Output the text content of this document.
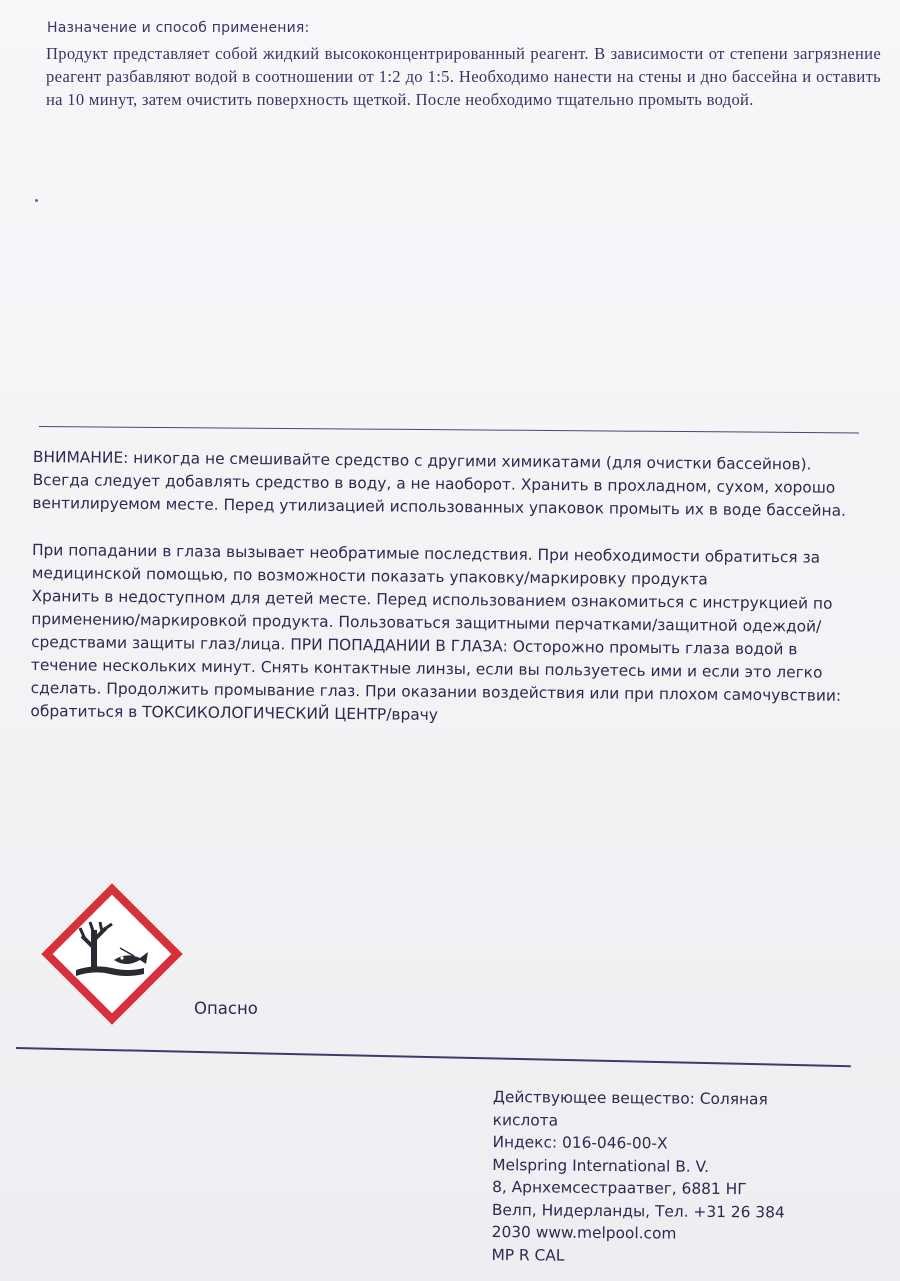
Назначение и способ применения:
Продукт представляет собой жидкий высококонцентрированный реагент. В зависимости от степени загрязнение реагент разбавляют водой в соотношении от 1:2 до 1:5. Необходимо нанести на стены и дно бассейна и оставить на 10 минут, затем очистить поверхность щеткой. После необходимо тщательно промыть водой.

ВНИМАНИЕ: никогда не смешивайте средство с другими химикатами (для очистки бассейнов). Всегда следует добавлять средство в воду, а не наоборот. Хранить в прохладном, сухом, хорошо вентилируемом месте. Перед утилизацией использованных упаковок промыть их в воде бассейна.

При попадании в глаза вызывает необратимые последствия. При необходимости обратиться за медицинской помощью, по возможности показать упаковку/маркировку продукта

Хранить в недоступном для детей месте. Перед использованием ознакомиться с инструкцией по применению/маркировкой продукта. Пользоваться защитными перчатками/защитной одеждой/средствами защиты глаз/лица. ПРИ ПОПАДАНИИ В ГЛАЗА: Осторожно промыть глаза водой в течение нескольких минут. Снять контактные линзы, если вы пользуетесь ими и если это легко сделать. Продолжить промывание глаз. При оказании воздействия или при плохом самочувствии: обратиться в ТОКСИКОЛОГИЧЕСКИЙ ЦЕНТР/врачу

Опасно
Действующее вещество: Соляная
кислота
Индекс: 016-046-00-X
Melspring International B. V.
8, Арнхемсестраатвег, 6881 НГ
Велп, Нидерланды, Тел. +31 26 384
2030 www.melpool.com
MP R CAL
